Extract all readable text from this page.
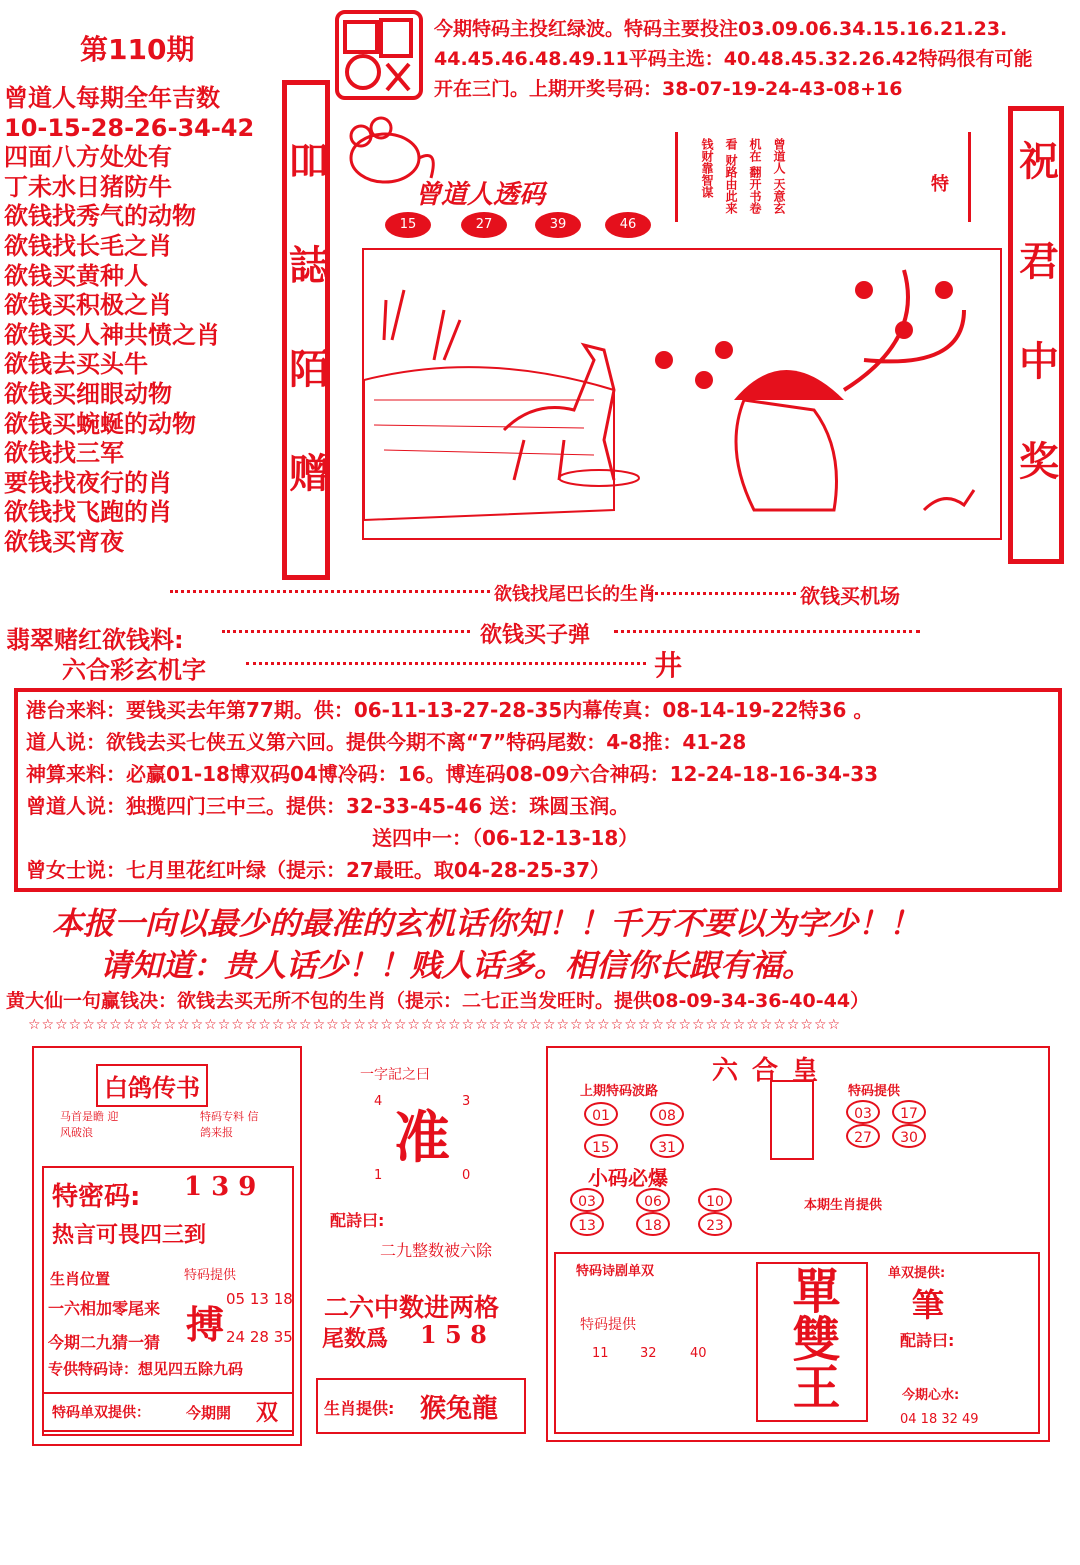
第110期
今期特码主投红绿波。特码主要投注03.09.06.34.15.16.21.23.
44.45.46.48.49.11平码主选：40.48.45.32.26.42特码很有可能
开在三门。上期开奖号码：38-07-19-24-43-08+16
曾道人每期全年吉数
10-15-28-26-34-42
四面八方处处有
丁未水日猪防牛
欲钱找秀气的动物
欲钱找长毛之肖
欲钱买黄种人
欲钱买积极之肖
欲钱买人神共愤之肖
欲钱去买头牛
欲钱买细眼动物
欲钱买蜿蜒的动物
欲钱找三军
要钱找夜行的肖
欲钱找飞跑的肖
欲钱买宵夜
吅
誌
陌
赠
祝
君
中
奖
曾道人透码
15	27	39	46
曾道人 天意玄机在 翻开书卷看 财路由此来 钱财靠智谋	特
欲钱找尾巴长的生肖	欲钱买机场
翡翠赌红欲钱料:	欲钱买子弹
六合彩玄机字	井
港台来料：要钱买去年第77期。供：06-11-13-27-28-35内幕传真：08-14-19-22特36 。
道人说：欲钱去买七侠五义第六回。提供今期不离“7”特码尾数：4-8推：41-28
神算来料：必赢01-18博双码04博冷码：16。博连码08-09六合神码：12-24-18-16-34-33
曾道人说：独揽四门三中三。提供：32-33-45-46 送：珠圆玉润。
送四中一：（06-12-13-18）
曾女士说：七月里花红叶绿（提示：27最旺。取04-28-25-37）
本报一向以最少的最准的玄机话你知！！千万不要以为字少！！
请知道：贵人话少！！贱人话多。相信你长跟有福。
黄大仙一句赢钱决：欲钱去买无所不包的生肖（提示：二七正当发旺时。提供08-09-34-36-40-44）
☆☆☆☆☆☆☆☆☆☆☆☆☆☆☆☆☆☆☆☆☆☆☆☆☆☆☆☆☆☆☆☆☆☆☆☆☆☆☆☆☆☆☆☆☆☆☆☆☆☆☆☆☆☆☆☆☆☆☆☆
白鸽传书
马首是瞻 迎风破浪
特码专料 信鸽来报
特密码: 1 3 9
热言可畏四三到
生肖位置
一六相加零尾来
今期二九猜一猜
特码提供
搏
05 13 18
24 28 35
专供特码诗：想见四五除九码
特码单双提供： 今期開 双
一字記之曰
4	3
准
1	0
配詩曰:
二九整数被六除
二六中数进两格
尾数爲 1 5 8
生肖提供: 猴兔龍
六合皇
上期特码波路
01	08
15	31
特码提供
03	17
27	30
小码必爆
03	06	10
13	18	23
本期生肖提供
特码诗剧单双	單雙王
特码提供
11 32	40
单双提供:
筆
配詩曰:
今期心水:
04 18 32 49
